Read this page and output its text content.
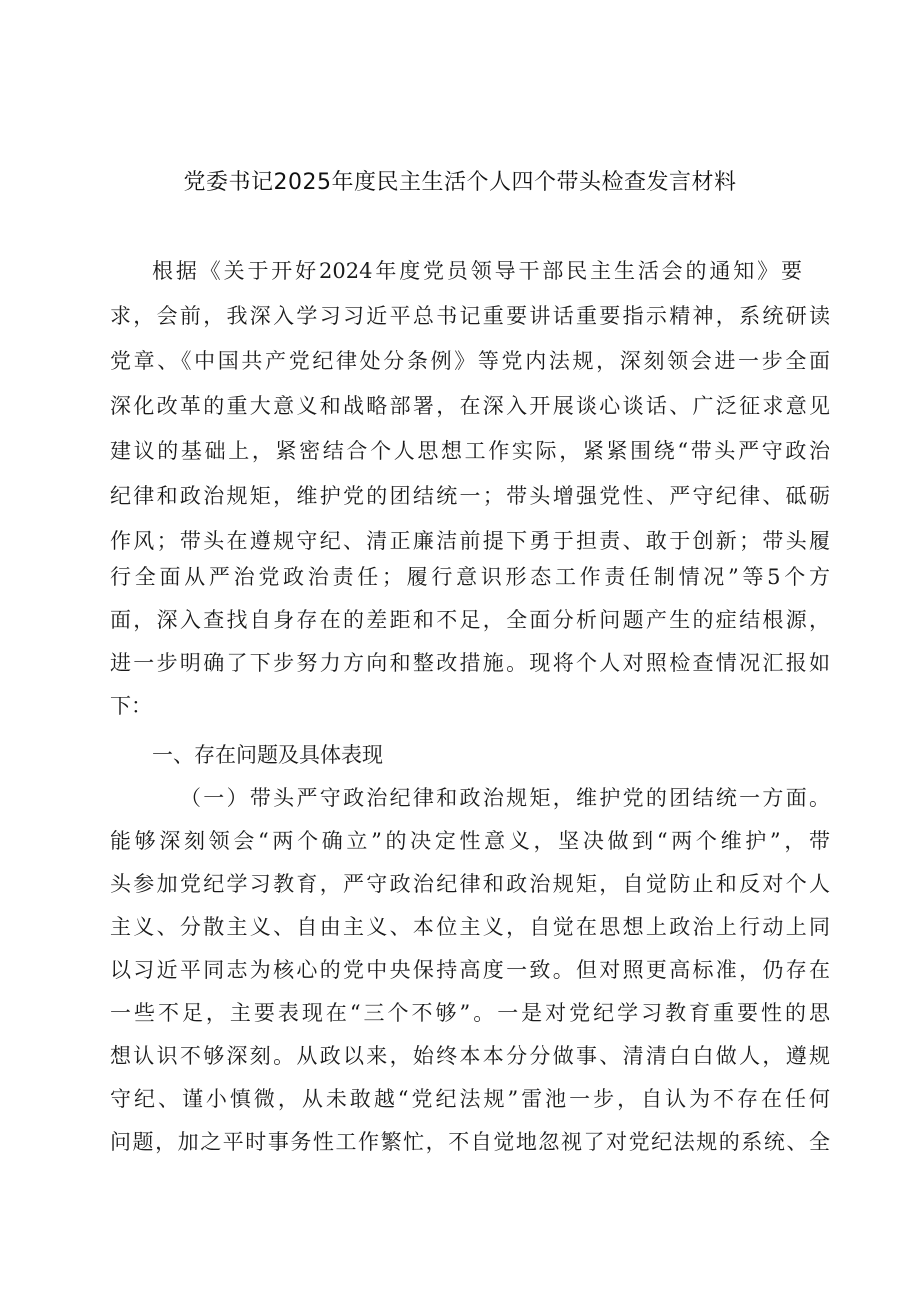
党委书记2025年度民主生活个人四个带头检查发言材料
根据《关于开好2024年度党员领导干部民主生活会的通知》要
求，会前，我深入学习习近平总书记重要讲话重要指示精神，系统研读
党章、《中国共产党纪律处分条例》等党内法规，深刻领会进一步全面
深化改革的重大意义和战略部署，在深入开展谈心谈话、广泛征求意见
建议的基础上，紧密结合个人思想工作实际，紧紧围绕“带头严守政治
纪律和政治规矩，维护党的团结统一；带头增强党性、严守纪律、砥砺
作风；带头在遵规守纪、清正廉洁前提下勇于担责、敢于创新；带头履
行全面从严治党政治责任；履行意识形态工作责任制情况”等5个方
面，深入查找自身存在的差距和不足，全面分析问题产生的症结根源，
进一步明确了下步努力方向和整改措施。现将个人对照检查情况汇报如
下：
一、存在问题及具体表现
（一）带头严守政治纪律和政治规矩，维护党的团结统一方面。
能够深刻领会“两个确立”的决定性意义，坚决做到“两个维护”，带
头参加党纪学习教育，严守政治纪律和政治规矩，自觉防止和反对个人
主义、分散主义、自由主义、本位主义，自觉在思想上政治上行动上同
以习近平同志为核心的党中央保持高度一致。但对照更高标准，仍存在
一些不足，主要表现在“三个不够”。一是对党纪学习教育重要性的思
想认识不够深刻。从政以来，始终本本分分做事、清清白白做人，遵规
守纪、谨小慎微，从未敢越“党纪法规”雷池一步，自认为不存在任何
问题，加之平时事务性工作繁忙，不自觉地忽视了对党纪法规的系统、全
